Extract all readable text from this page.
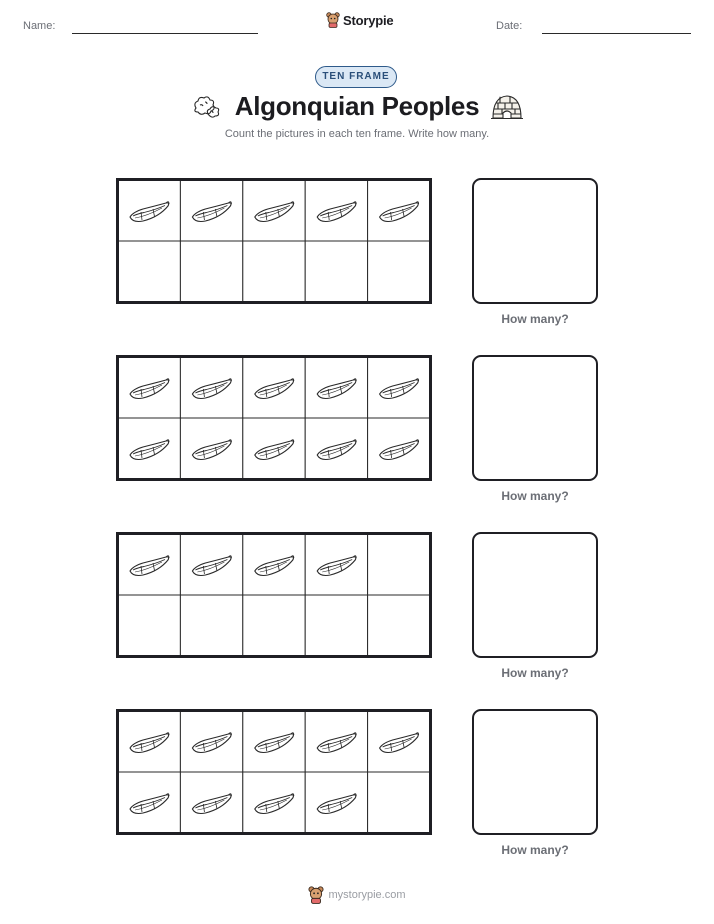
Name:	Storypie	Date:
TEN FRAME
Algonquian Peoples
Count the pictures in each ten frame. Write how many.
How many?
How many?
How many?
How many?
mystorypie.com
